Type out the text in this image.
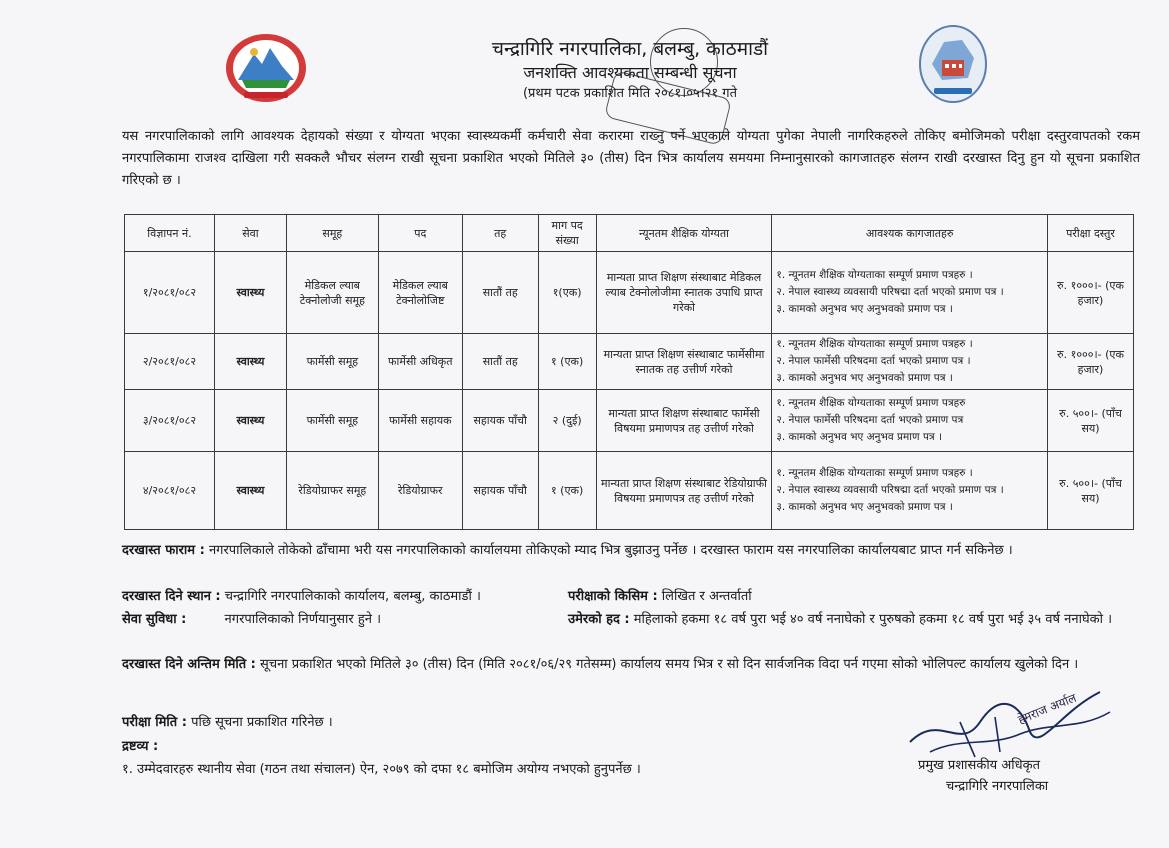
चन्द्रागिरि नगरपालिका, बलम्बु, काठमाडौं
जनशक्ति आवश्यकता सम्बन्धी सूचना
(प्रथम पटक प्रकाशित मिति २०८१।०५।२१ गते
यस नगरपालिकाको लागि आवश्यक देहायको संख्या र योग्यता भएका स्वास्थ्यकर्मी कर्मचारी सेवा करारमा राख्नु पर्ने भएकाले योग्यता पुगेका नेपाली नागरिकहरुले तोकिए बमोजिमको परीक्षा दस्तुरवापतको रकम नगरपालिकामा राजश्व दाखिला गरी सक्कलै भौचर संलग्न राखी सूचना प्रकाशित भएको मितिले ३० (तीस) दिन भित्र कार्यालय समयमा निम्नानुसारको कागजातहरु संलग्न राखी दरखास्त दिनु हुन यो सूचना प्रकाशित गरिएको छ ।
विज्ञापन नं.	सेवा	समूह	पद	तह	माग पद संख्या	न्यूनतम शैक्षिक योग्यता	आवश्यक कागजातहरु	परीक्षा दस्तुर
१/२०८१/०८२	स्वास्थ्य	मेडिकल ल्याब टेक्नोलोजी समूह	मेडिकल ल्याब टेक्नोलोजिष्ट	सातौं तह	१(एक)	मान्यता प्राप्त शिक्षण संस्थाबाट मेडिकल ल्याब टेक्नोलोजीमा स्नातक उपाधि प्राप्त गरेको	१. न्यूनतम शैक्षिक योग्यताका सम्पूर्ण प्रमाण पत्रहरु ।
२. नेपाल स्वास्थ्य व्यवसायी परिषद्मा दर्ता भएको प्रमाण पत्र ।
३. कामको अनुभव भए अनुभवको प्रमाण पत्र ।	रु. १०००।- (एक हजार)
२/२०८१/०८२	स्वास्थ्य	फार्मेसी समूह	फार्मेसी अधिकृत	सातौं तह	१ (एक)	मान्यता प्राप्त शिक्षण संस्थाबाट फार्मेसीमा स्नातक तह उत्तीर्ण गरेको	१. न्यूनतम शैक्षिक योग्यताका सम्पूर्ण प्रमाण पत्रहरु ।
२. नेपाल फार्मेसी परिषदमा दर्ता भएको प्रमाण पत्र ।
३. कामको अनुभव भए अनुभवको प्रमाण पत्र ।	रु. १०००।- (एक हजार)
३/२०८१/०८२	स्वास्थ्य	फार्मेसी समूह	फार्मेसी सहायक	सहायक पाँचौ	२ (दुई)	मान्यता प्राप्त शिक्षण संस्थाबाट फार्मेसी विषयमा प्रमाणपत्र तह उत्तीर्ण गरेको	१. न्यूनतम शैक्षिक योग्यताका सम्पूर्ण प्रमाण पत्रहरु
२. नेपाल फार्मेसी परिषदमा दर्ता भएको प्रमाण पत्र
३. कामको अनुभव भए अनुभव प्रमाण पत्र ।	रु. ५००।- (पाँच सय)
४/२०८१/०८२	स्वास्थ्य	रेडियोग्राफर समूह	रेडियोग्राफर	सहायक पाँचौ	१ (एक)	मान्यता प्राप्त शिक्षण संस्थाबाट रेडियोग्राफी विषयमा प्रमाणपत्र तह उत्तीर्ण गरेको	१. न्यूनतम शैक्षिक योग्यताका सम्पूर्ण प्रमाण पत्रहरु ।
२. नेपाल स्वास्थ्य व्यवसायी परिषद्मा दर्ता भएको प्रमाण पत्र ।
३. कामको अनुभव भए अनुभवको प्रमाण पत्र ।	रु. ५००।- (पाँच सय)
दरखास्त फाराम : नगरपालिकाले तोकेको ढाँचामा भरी यस नगरपालिकाको कार्यालयमा तोकिएको म्याद भित्र बुझाउनु पर्नेछ । दरखास्त फाराम यस नगरपालिका कार्यालयबाट प्राप्त गर्न सकिनेछ ।
दरखास्त दिने स्थान : चन्द्रागिरि नगरपालिकाको कार्यालय, बलम्बु, काठमाडौं ।	परीक्षाको किसिम : लिखित र अन्तर्वार्ता
सेवा सुविधा :	नगरपालिकाको निर्णयानुसार हुने ।	उमेरको हद : महिलाको हकमा १८ वर्ष पुरा भई ४० वर्ष ननाघेको र पुरुषको हकमा १८ वर्ष पुरा भई ३५ वर्ष ननाघेको ।
दरखास्त दिने अन्तिम मिति : सूचना प्रकाशित भएको मितिले ३० (तीस) दिन (मिति २०८१/०६/२९ गतेसम्म) कार्यालय समय भित्र र सो दिन सार्वजनिक विदा पर्न गएमा सोको भोलिपल्ट कार्यालय खुलेको दिन ।
परीक्षा मिति : पछि सूचना प्रकाशित गरिनेछ ।
द्रष्टव्य :
१. उम्मेदवारहरु स्थानीय सेवा (गठन तथा संचालन) ऐन, २०७९ को दफा १८ बमोजिम अयोग्य नभएको हुनुपर्नेछ ।
हेमराज अर्याल
प्रमुख प्रशासकीय अधिकृत
चन्द्रागिरि नगरपालिका
